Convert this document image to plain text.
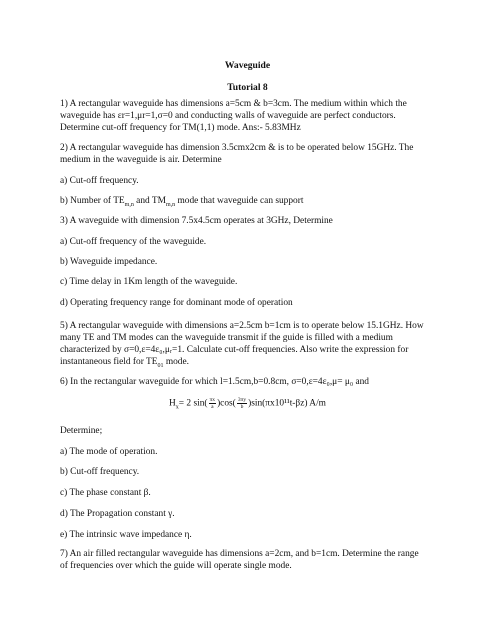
Waveguide
Tutorial 8
1) A rectangular waveguide has dimensions a=5cm & b=3cm. The medium within which the
waveguide has εr=1,μr=1,σ=0 and conducting walls of waveguide are perfect conductors.
Determine cut-off frequency for TM(1,1) mode. Ans:- 5.83MHz
2) A rectangular waveguide has dimension 3.5cmx2cm & is to be operated below 15GHz. The
medium in the waveguide is air. Determine
a) Cut-off frequency.
b) Number of $TE_{m,n}$ and $TM_{m,n}$ mode that waveguide can support
3) A waveguide with dimension 7.5x4.5cm operates at 3GHz, Determine
a) Cut-off frequency of the waveguide.
b) Waveguide impedance.
c) Time delay in 1Km length of the waveguide.
d) Operating frequency range for dominant mode of operation
5) A rectangular waveguide with dimensions a=2.5cm b=1cm is to operate below 15.1GHz. How
many TE and TM modes can the waveguide transmit if the guide is filled with a medium
characterized by σ=0,ε=4ε₀,μᵣ=1. Calculate cut-off frequencies. Also write the expression for
instantaneous field for $TE_{01}$ mode.
6) In the rectangular waveguide for which l=1.5cm,b=0.8cm, σ=0,ε=4ε₀,μ= μ₀ and
$H_x= 2$ $\sin( \frac{\pi x}{a} )\cos( \frac{3\pi y}{b} )\sin(\pi x10^{11}t-\beta z)$ A/m
Determine;
a) The mode of operation.
b) Cut-off frequency.
c) The phase constant β.
d) The Propagation constant γ.
e) The intrinsic wave impedance η.
7) An air filled rectangular waveguide has dimensions a=2cm, and b=1cm. Determine the range
of frequencies over which the guide will operate single mode.
